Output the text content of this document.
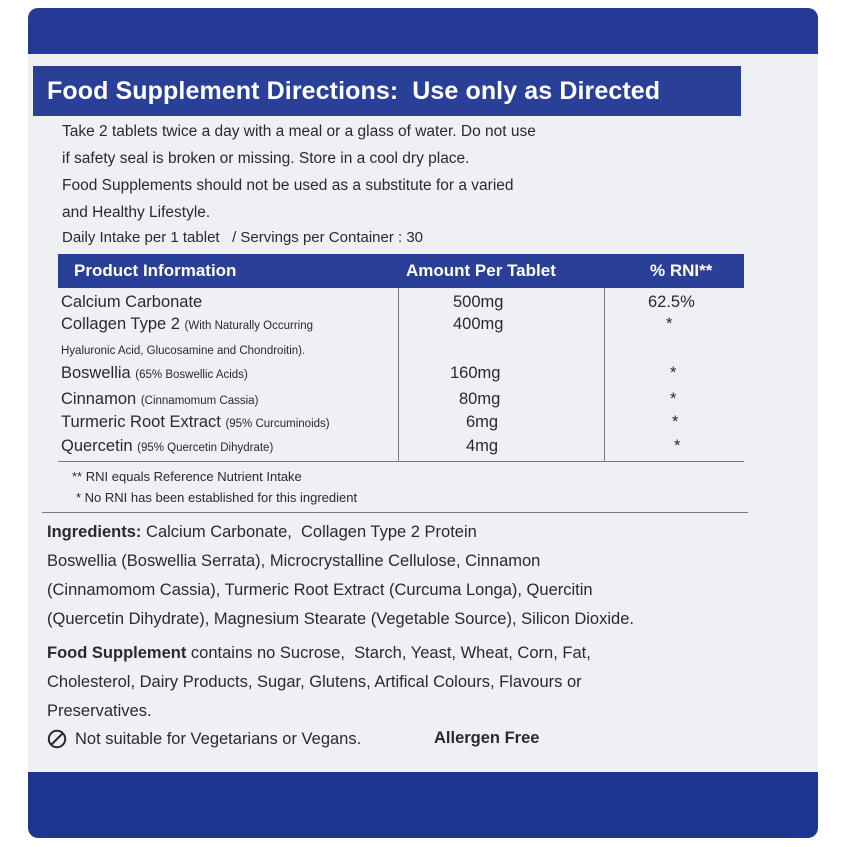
Food Supplement Directions: Use only as Directed
Take 2 tablets twice a day with a meal or a glass of water. Do not use
if safety seal is broken or missing. Store in a cool dry place.
Food Supplements should not be used as a substitute for a varied
and Healthy Lifestyle.
Daily Intake per 1 tablet   / Servings per Container : 30
Product Information	Amount Per Tablet	% RNI**
Calcium Carbonate	500mg	62.5%
Collagen Type 2 (With Naturally Occurring	400mg	*
Hyaluronic Acid, Glucosamine and Chondroitin).
Boswellia (65% Boswellic Acids)	160mg	*
Cinnamon (Cinnamomum Cassia)	80mg	*
Turmeric Root Extract (95% Curcuminoids)	6mg	*
Quercetin (95% Quercetin Dihydrate)	4mg	*
** RNI equals Reference Nutrient Intake
* No RNI has been established for this ingredient
Ingredients: Calcium Carbonate,  Collagen Type 2 Protein
Boswellia (Boswellia Serrata), Microcrystalline Cellulose, Cinnamon
(Cinnamomom Cassia), Turmeric Root Extract (Curcuma Longa), Quercitin
(Quercetin Dihydrate), Magnesium Stearate (Vegetable Source), Silicon Dioxide.
Food Supplement contains no Sucrose,  Starch, Yeast, Wheat, Corn, Fat,
Cholesterol, Dairy Products, Sugar, Glutens, Artifical Colours, Flavours or
Preservatives.
Not suitable for Vegetarians or Vegans.	Allergen Free
